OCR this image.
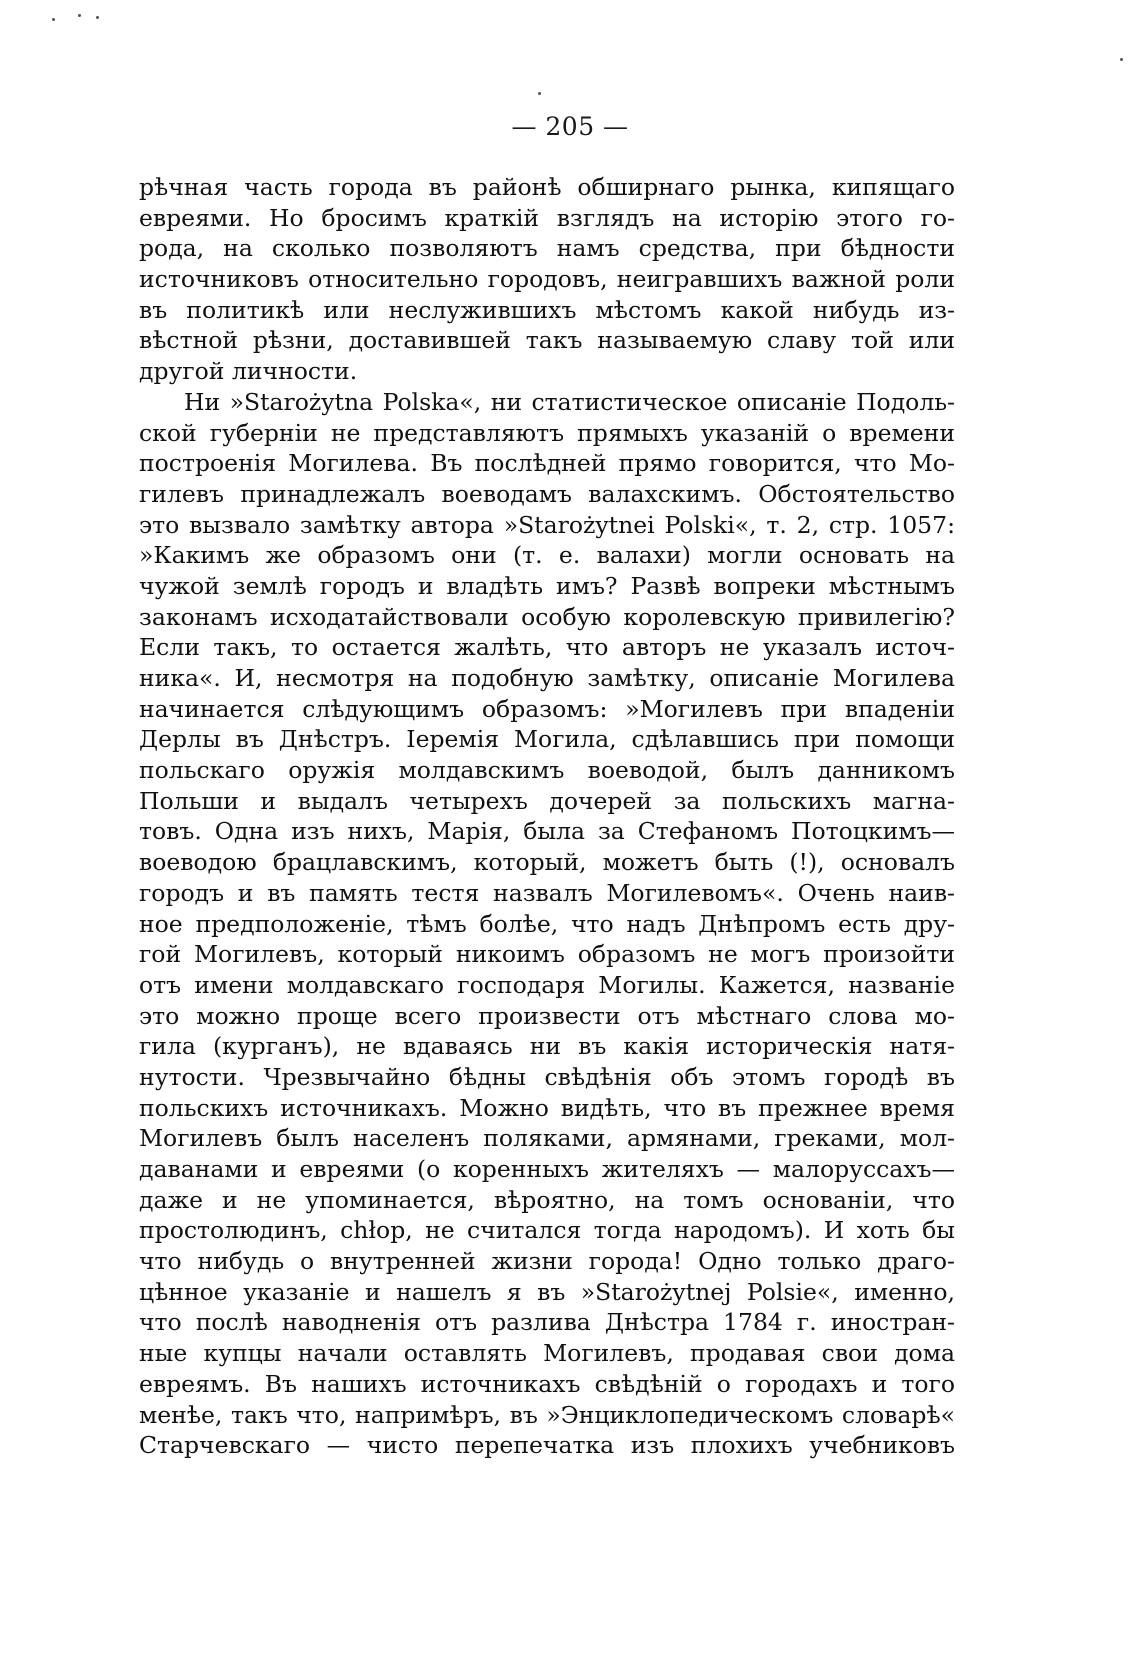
— 205 —
рѣчная часть города въ районѣ обширнаго рынка, кипящаго
евреями. Но бросимъ краткій взглядъ на исторію этого го-
рода, на сколько позволяютъ намъ средства, при бѣдности
источниковъ относительно городовъ, неигравшихъ важной роли
въ политикѣ или неслужившихъ мѣстомъ какой нибудь из-
вѣстной рѣзни, доставившей такъ называемую славу той или
другой личности.
Ни »Starożytna Polska«, ни статистическое описаніе Подоль-
ской губерніи не представляютъ прямыхъ указаній о времени
построенія Могилева. Въ послѣдней прямо говорится, что Мо-
гилевъ принадлежалъ воеводамъ валахскимъ. Обстоятельство
это вызвало замѣтку автора »Starożytnei Polski«, т. 2, стр. 1057:
»Какимъ же образомъ они (т. е. валахи) могли основать на
чужой землѣ городъ и владѣть имъ? Развѣ вопреки мѣстнымъ
законамъ исходатайствовали особую королевскую привилегію?
Если такъ, то остается жалѣть, что авторъ не указалъ источ-
ника«. И, несмотря на подобную замѣтку, описаніе Могилева
начинается слѣдующимъ образомъ: »Могилевъ при впаденіи
Дерлы въ Днѣстръ. Іеремія Могила, сдѣлавшись при помощи
польскаго оружія молдавскимъ воеводой, былъ данникомъ
Польши и выдалъ четырехъ дочерей за польскихъ магна-
товъ. Одна изъ нихъ, Марія, была за Стефаномъ Потоцкимъ—
воеводою брацлавскимъ, который, можетъ быть (!), основалъ
городъ и въ память тестя назвалъ Могилевомъ«. Очень наив-
ное предположеніе, тѣмъ болѣе, что надъ Днѣпромъ есть дру-
гой Могилевъ, который никоимъ образомъ не могъ произойти
отъ имени молдавскаго господаря Могилы. Кажется, названіе
это можно проще всего произвести отъ мѣстнаго слова мо-
гила (курганъ), не вдаваясь ни въ какія историческія натя-
нутости. Чрезвычайно бѣдны свѣдѣнія объ этомъ городѣ въ
польскихъ источникахъ. Можно видѣть, что въ прежнее время
Могилевъ былъ населенъ поляками, армянами, греками, мол-
даванами и евреями (о коренныхъ жителяхъ — малоруссахъ—
даже и не упоминается, вѣроятно, на томъ основаніи, что
простолюдинъ, chłop, не считался тогда народомъ). И хоть бы
что нибудь о внутренней жизни города! Одно только драго-
цѣнное указаніе и нашелъ я въ »Starożytnej Polsie«, именно,
что послѣ наводненія отъ разлива Днѣстра 1784 г. иностран-
ные купцы начали оставлять Могилевъ, продавая свои дома
евреямъ. Въ нашихъ источникахъ свѣдѣній о городахъ и того
менѣе, такъ что, напримѣръ, въ »Энциклопедическомъ словарѣ«
Старчевскаго — чисто перепечатка изъ плохихъ учебниковъ
